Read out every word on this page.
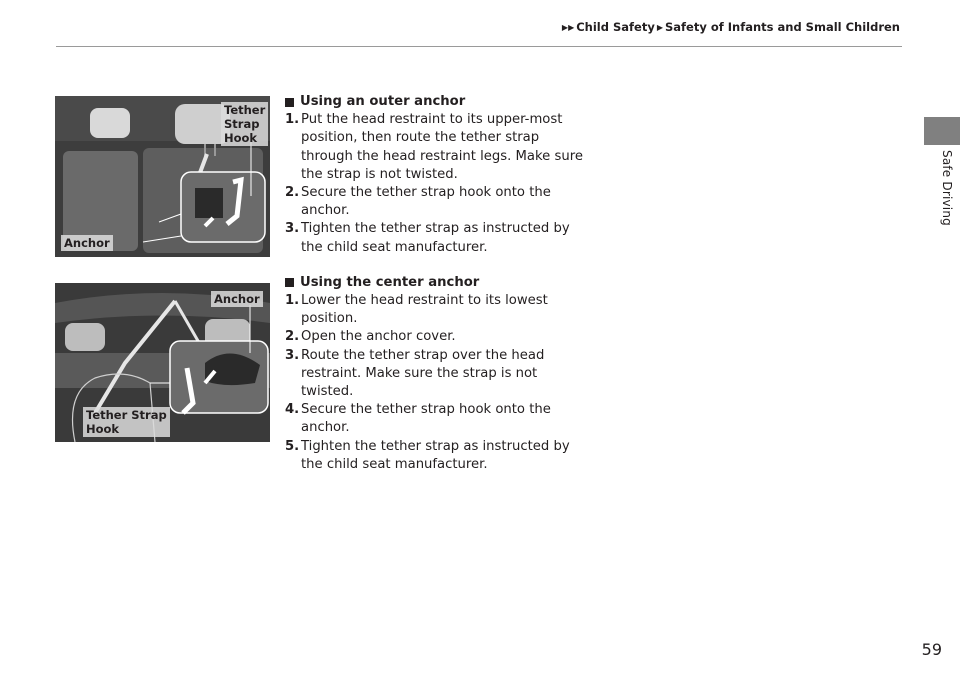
▶▶ Child Safety ▶ Safety of Infants and Small Children
Safe Driving
Tether
Strap
Hook
Anchor
Anchor
Tether Strap
Hook
Using an outer anchor
1. Put the head restraint to its upper-most position, then route the tether strap through the head restraint legs. Make sure the strap is not twisted.
2. Secure the tether strap hook onto the anchor.
3. Tighten the tether strap as instructed by the child seat manufacturer.
Using the center anchor
1. Lower the head restraint to its lowest position.
2. Open the anchor cover.
3. Route the tether strap over the head restraint. Make sure the strap is not twisted.
4. Secure the tether strap hook onto the anchor.
5. Tighten the tether strap as instructed by the child seat manufacturer.
59
